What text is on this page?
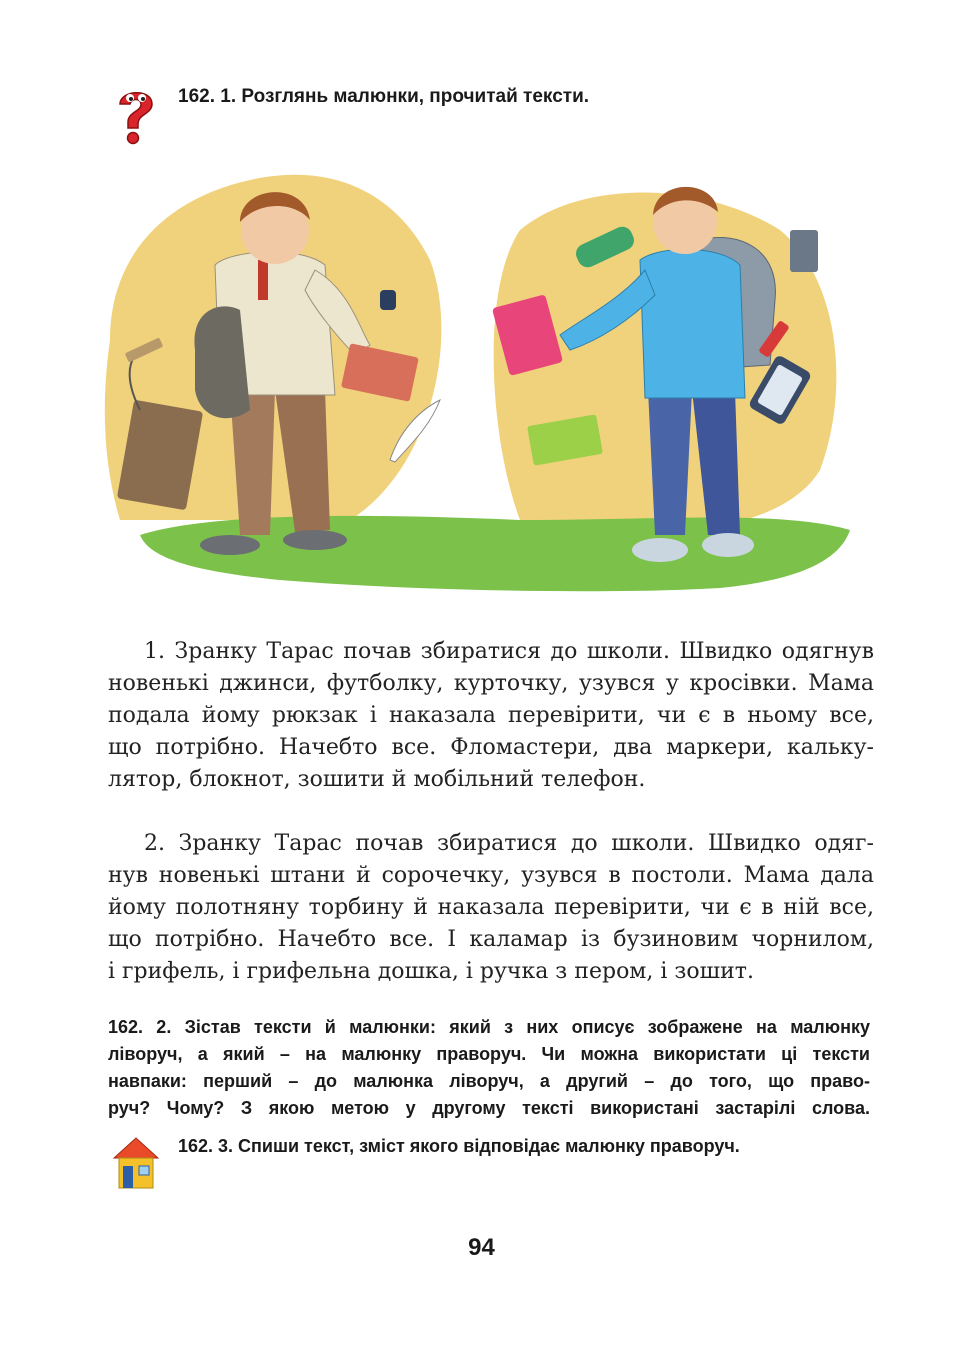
162. 1. Розглянь малюнки, прочитай тексти.
1. Зранку Тарас почав збиратися до школи. Швидко одягнув
новенькі джинси, футболку, курточку, узувся у кросівки. Мама
подала йому рюкзак і наказала перевірити, чи є в ньому все,
що потрібно. Начебто все. Фломастери, два маркери, кальку-
лятор, блокнот, зошити й мобільний телефон.
2. Зранку Тарас почав збиратися до школи. Швидко одяг-
нув новенькі штани й сорочечку, узувся в постоли. Мама дала
йому полотняну торбину й наказала перевірити, чи є в ній все,
що потрібно. Начебто все. І каламар із бузиновим чорнилом,
і грифель, і грифельна дошка, і ручка з пером, і зошит.
162. 2. Зістав тексти й малюнки: який з них описує зображене на малюнку
ліворуч, а який – на малюнку праворуч. Чи можна використати ці тексти
навпаки: перший – до малюнка ліворуч, а другий – до того, що право-
руч? Чому? З якою метою у другому тексті використані застарілі слова.
162. 3. Спиши текст, зміст якого відповідає малюнку праворуч.
94
